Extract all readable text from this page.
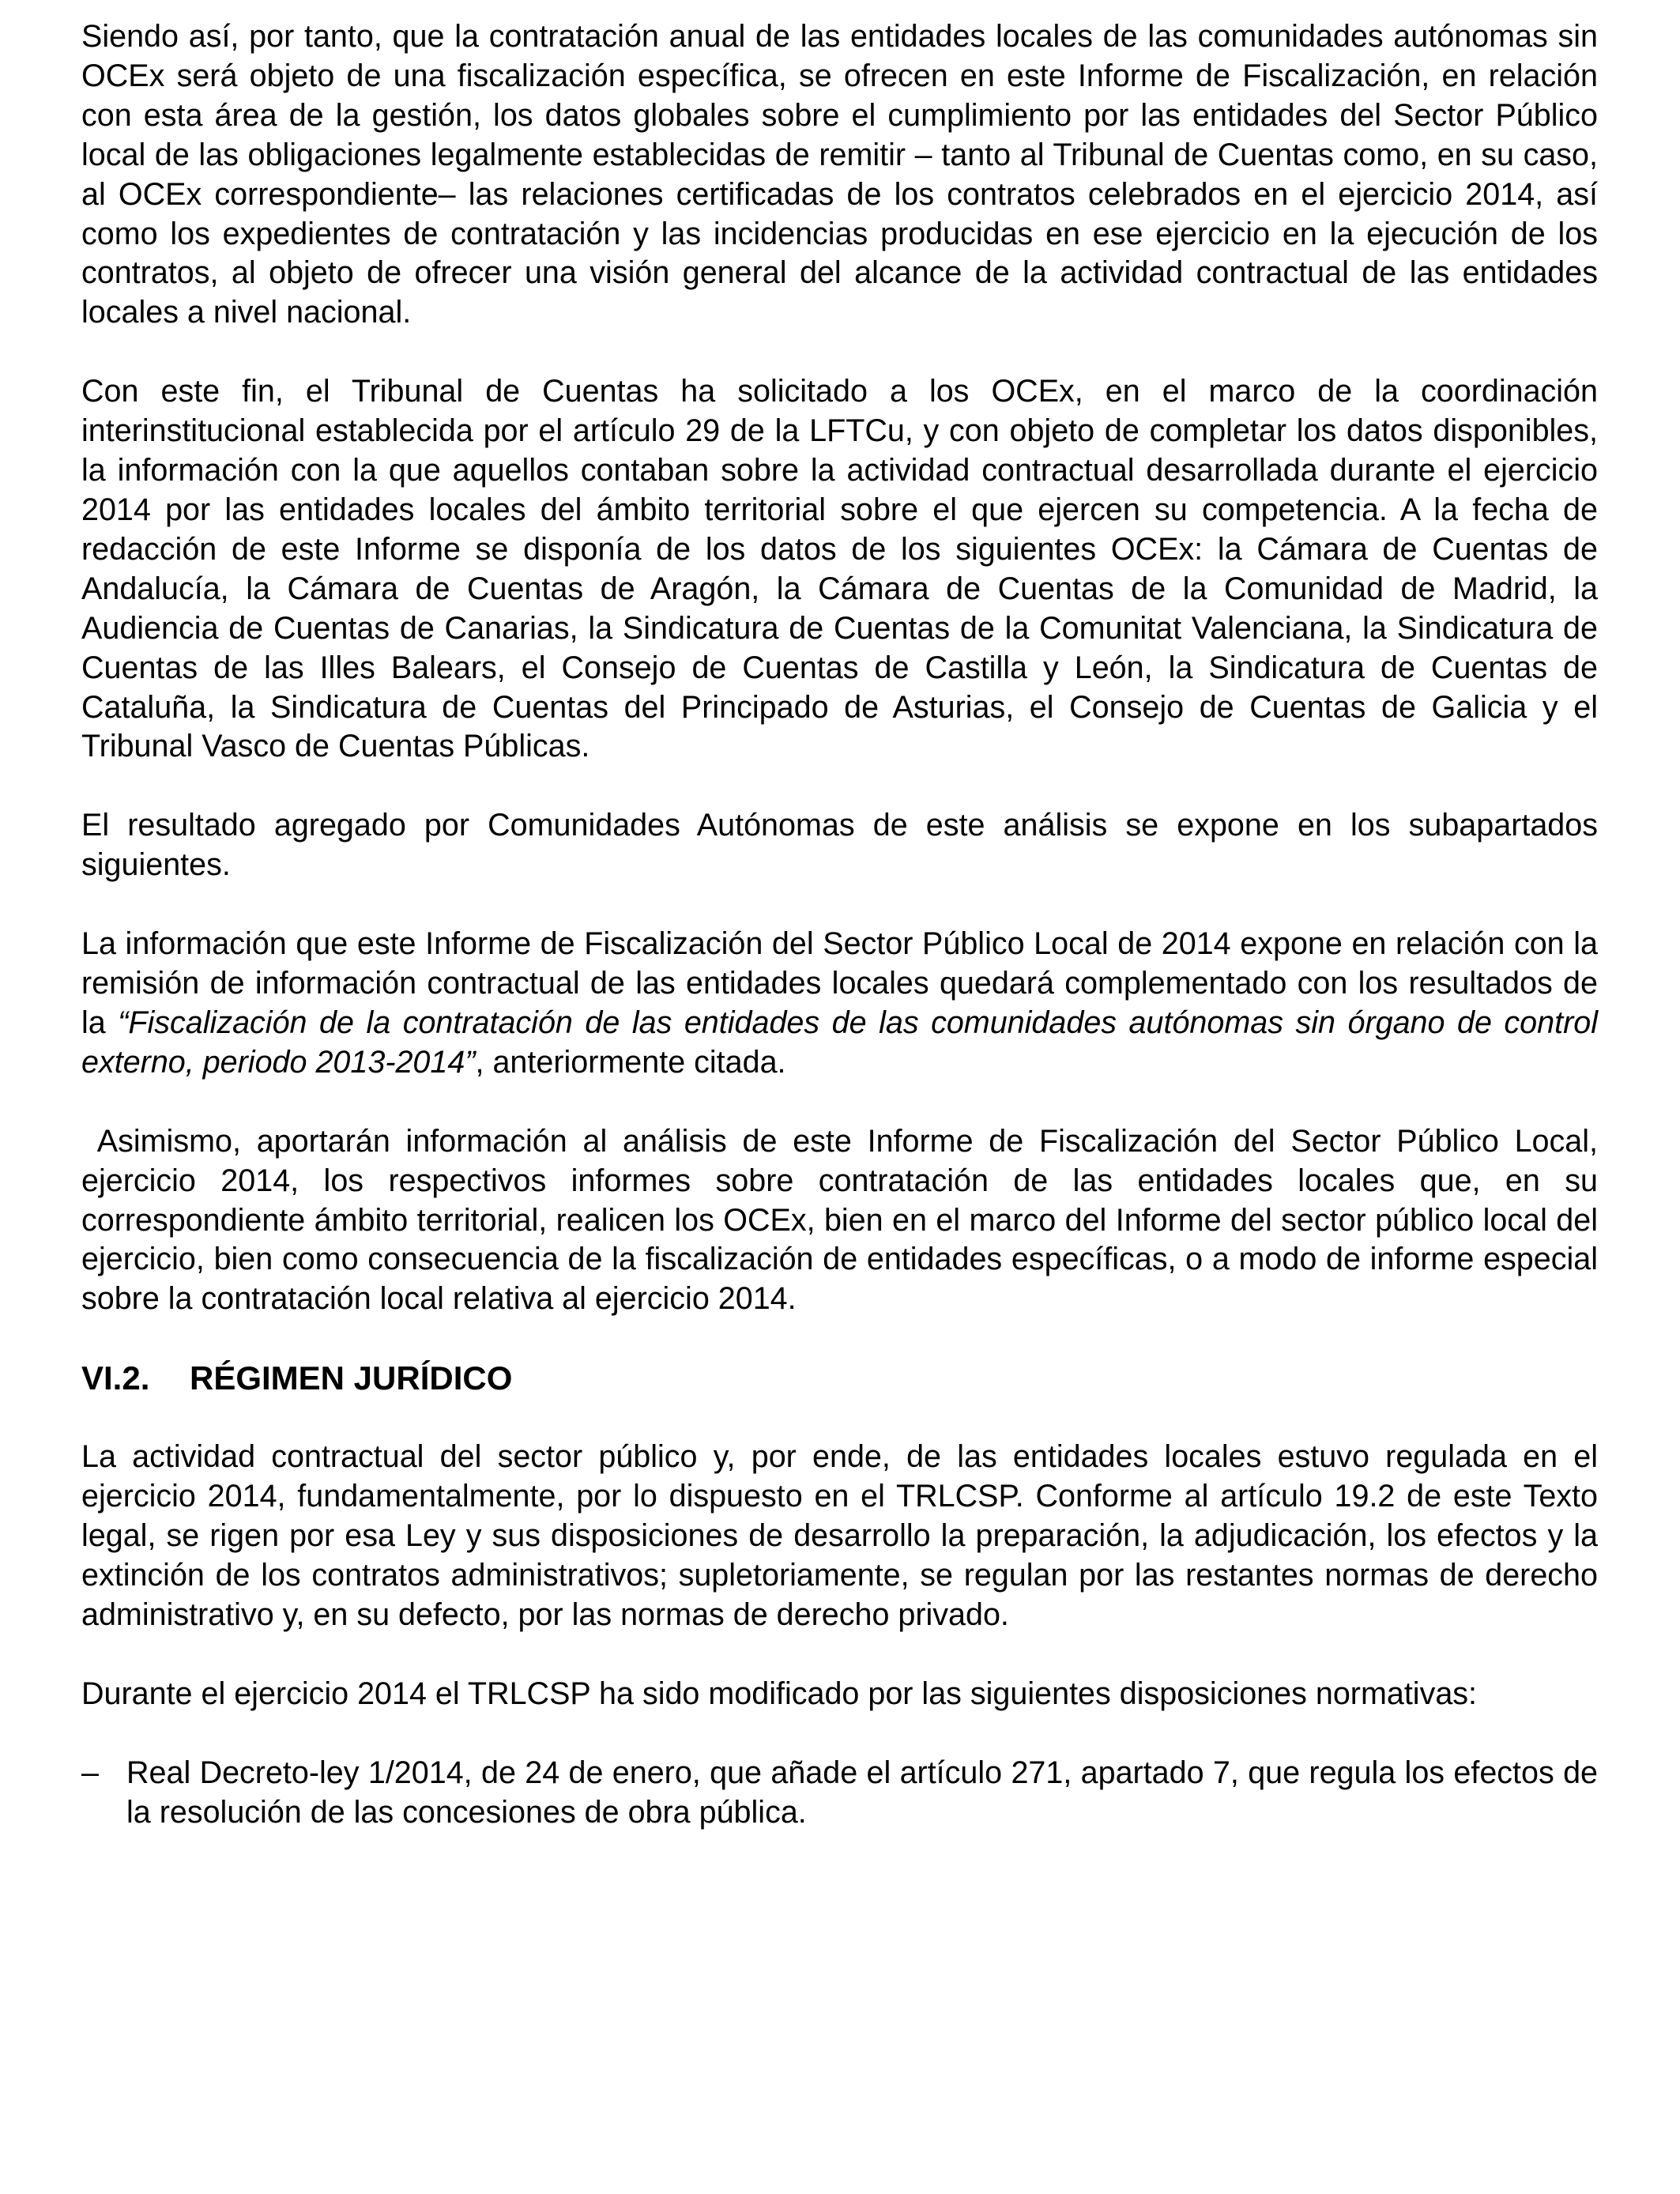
Siendo así, por tanto, que la contratación anual de las entidades locales de las comunidades autónomas sin OCEx será objeto de una fiscalización específica, se ofrecen en este Informe de Fiscalización, en relación con esta área de la gestión, los datos globales sobre el cumplimiento por las entidades del Sector Público local de las obligaciones legalmente establecidas de remitir – tanto al Tribunal de Cuentas como, en su caso, al OCEx correspondiente– las relaciones certificadas de los contratos celebrados en el ejercicio 2014, así como los expedientes de contratación y las incidencias producidas en ese ejercicio en la ejecución de los contratos, al objeto de ofrecer una visión general del alcance de la actividad contractual de las entidades locales a nivel nacional.

Con este fin, el Tribunal de Cuentas ha solicitado a los OCEx, en el marco de la coordinación interinstitucional establecida por el artículo 29 de la LFTCu, y con objeto de completar los datos disponibles, la información con la que aquellos contaban sobre la actividad contractual desarrollada durante el ejercicio 2014 por las entidades locales del ámbito territorial sobre el que ejercen su competencia. A la fecha de redacción de este Informe se disponía de los datos de los siguientes OCEx: la Cámara de Cuentas de Andalucía, la Cámara de Cuentas de Aragón, la Cámara de Cuentas de la Comunidad de Madrid, la Audiencia de Cuentas de Canarias, la Sindicatura de Cuentas de la Comunitat Valenciana, la Sindicatura de Cuentas de las Illes Balears, el Consejo de Cuentas de Castilla y León, la Sindicatura de Cuentas de Cataluña, la Sindicatura de Cuentas del Principado de Asturias, el Consejo de Cuentas de Galicia y el Tribunal Vasco de Cuentas Públicas.

El resultado agregado por Comunidades Autónomas de este análisis se expone en los subapartados siguientes.

La información que este Informe de Fiscalización del Sector Público Local de 2014 expone en relación con la remisión de información contractual de las entidades locales quedará complementado con los resultados de la “Fiscalización de la contratación de las entidades de las comunidades autónomas sin órgano de control externo, periodo 2013-2014”, anteriormente citada.

Asimismo, aportarán información al análisis de este Informe de Fiscalización del Sector Público Local, ejercicio 2014, los respectivos informes sobre contratación de las entidades locales que, en su correspondiente ámbito territorial, realicen los OCEx, bien en el marco del Informe del sector público local del ejercicio, bien como consecuencia de la fiscalización de entidades específicas, o a modo de informe especial sobre la contratación local relativa al ejercicio 2014.

VI.2. RÉGIMEN JURÍDICO

La actividad contractual del sector público y, por ende, de las entidades locales estuvo regulada en el ejercicio 2014, fundamentalmente, por lo dispuesto en el TRLCSP. Conforme al artículo 19.2 de este Texto legal, se rigen por esa Ley y sus disposiciones de desarrollo la preparación, la adjudicación, los efectos y la extinción de los contratos administrativos; supletoriamente, se regulan por las restantes normas de derecho administrativo y, en su defecto, por las normas de derecho privado.

Durante el ejercicio 2014 el TRLCSP ha sido modificado por las siguientes disposiciones normativas:

– Real Decreto-ley 1/2014, de 24 de enero, que añade el artículo 271, apartado 7, que regula los efectos de la resolución de las concesiones de obra pública.
